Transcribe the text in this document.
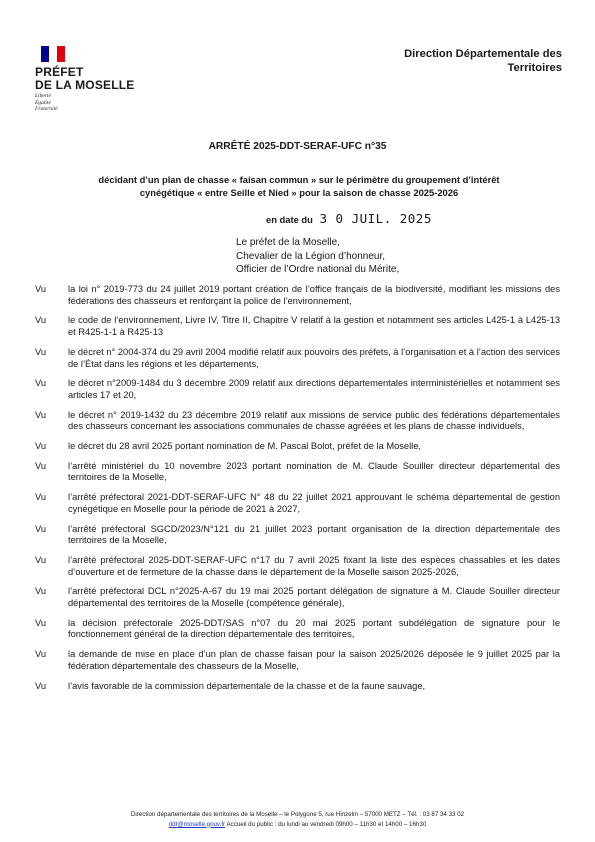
PRÉFET
DE LA MOSELLE
Liberté
Égalité
Fraternité
Direction Départementale des
Territoires
ARRÊTÉ 2025-DDT-SERAF-UFC n°35
décidant d’un plan de chasse « faisan commun » sur le périmètre du groupement d’intérêt
cynégétique « entre Seille et Nied » pour la saison de chasse 2025-2026
en date du 3 0 JUIL. 2025
Le préfet de la Moselle,
Chevalier de la Légion d’honneur,
Officier de l’Ordre national du Mérite,
Vu la loi n° 2019-773 du 24 juillet 2019 portant création de l’office français de la biodiversité, modifiant les missions des fédérations des chasseurs et renforçant la police de l’environnement,
Vu le code de l’environnement, Livre IV, Titre II, Chapitre V relatif à la gestion et notamment ses articles L425-1 à L425-13 et R425-1-1 à R425-13
Vu le décret n° 2004-374 du 29 avril 2004 modifié relatif aux pouvoirs des préfets, à l’organisation et à l’action des services de l’État dans les régions et les départements,
Vu le décret n°2009-1484 du 3 décembre 2009 relatif aux directions départementales interministérielles et notamment ses articles 17 et 20,
Vu le décret n° 2019-1432 du 23 décembre 2019 relatif aux missions de service public des fédérations départementales des chasseurs concernant les associations communales de chasse agréées et les plans de chasse individuels,
Vu le décret du 28 avril 2025 portant nomination de M. Pascal Bolot, préfet de la Moselle,
Vu l’arrêté ministériel du 10 novembre 2023 portant nomination de M. Claude Souiller directeur départemental des territoires de la Moselle,
Vu l’arrêté préfectoral 2021-DDT-SERAF-UFC N° 48 du 22 juillet 2021 approuvant le schéma départemental de gestion cynégétique en Moselle pour la période de 2021 à 2027,
Vu l’arrêté préfectoral SGCD/2023/N°121 du 21 juillet 2023 portant organisation de la direction départementale des territoires de la Moselle,
Vu l’arrêté préfectoral 2025-DDT-SERAF-UFC n°17 du 7 avril 2025 fixant la liste des espèces chassables et les dates d’ouverture et de fermeture de la chasse dans le département de la Moselle saison 2025-2026,
Vu l’arrêté préfectoral DCL n°2025-A-67 du 19 mai 2025 portant délégation de signature à M. Claude Souiller directeur départemental des territoires de la Moselle (compétence générale),
Vu la décision préfectorale 2025-DDT/SAS n°07 du 20 mai 2025 portant subdélégation de signature pour le fonctionnement général de la direction départementale des territoires,
Vu la demande de mise en place d’un plan de chasse faisan pour la saison 2025/2026 déposée le 9 juillet 2025 par la fédération départementale des chasseurs de la Moselle,
Vu l’avis favorable de la commission départementale de la chasse et de la faune sauvage,
Direction départementale des territoires de la Moselle – le Polygone 5, rue Hinzelin – 57000 METZ – Tél. : 03 87 34 33 02
ddt@moselle.gouv.fr Accueil du public : du lundi au vendredi 09h00 – 11h30 et 14h00 – 16h30
